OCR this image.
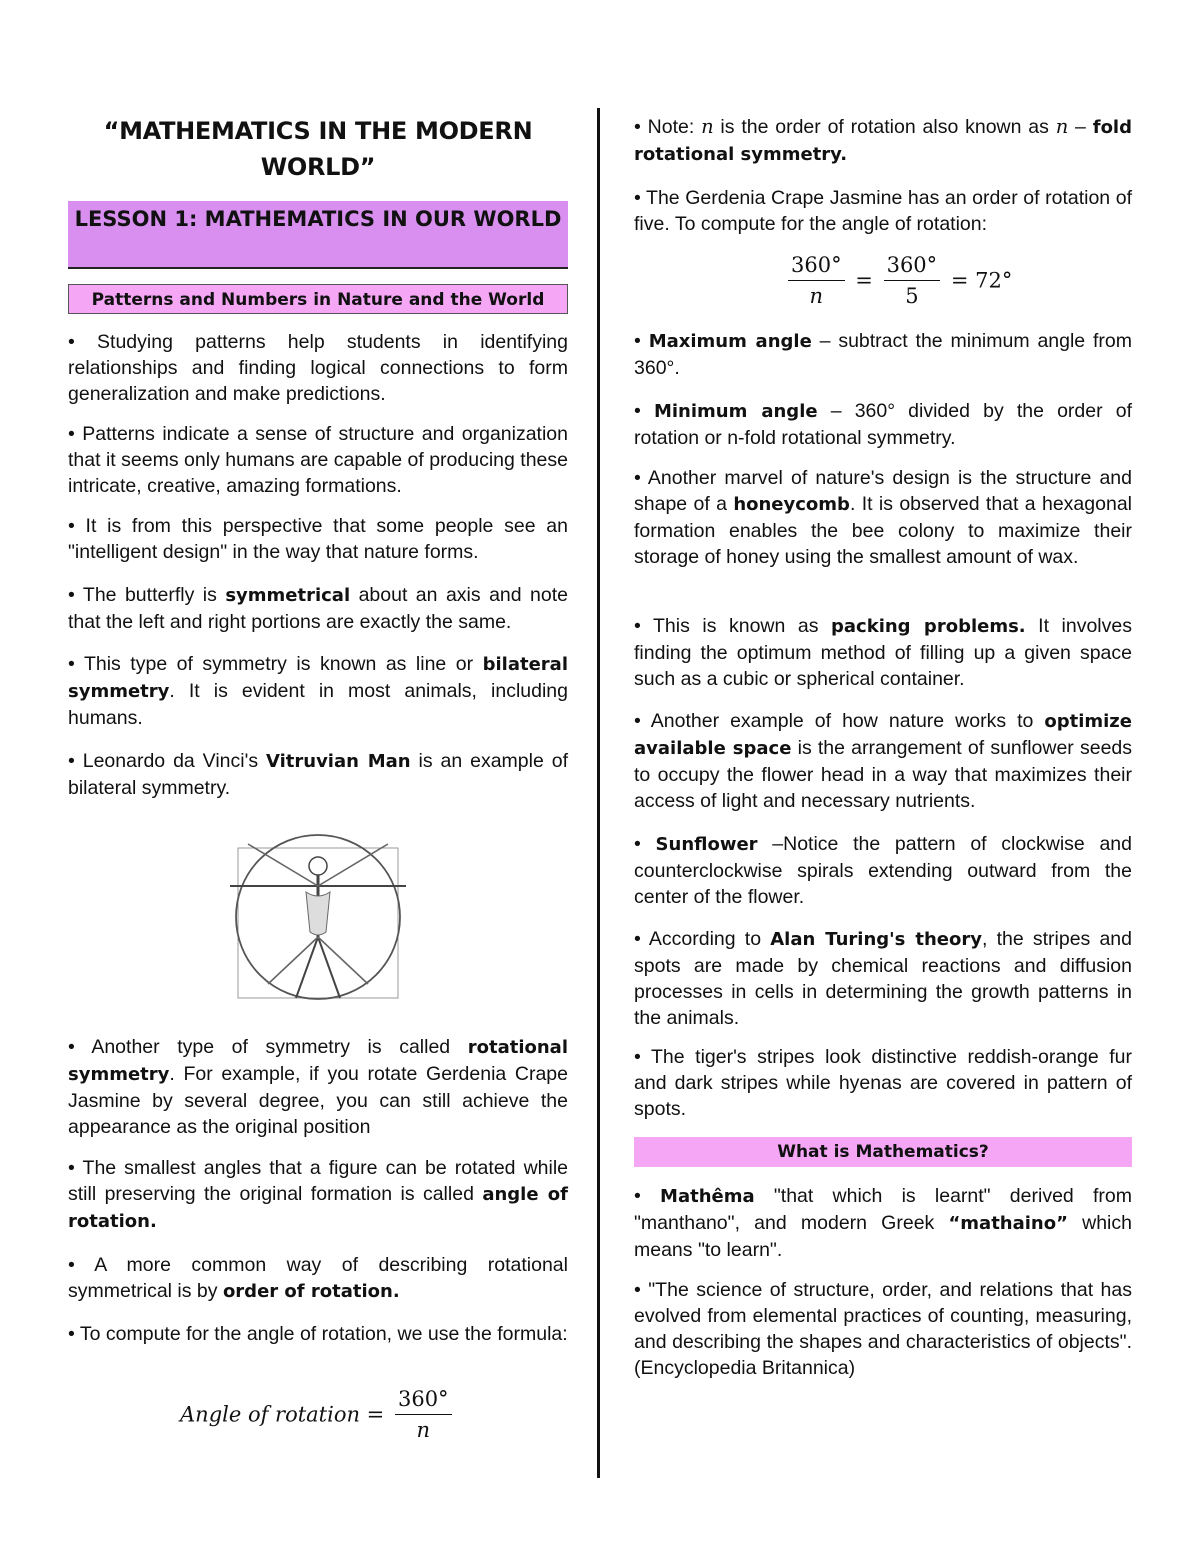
“MATHEMATICS IN THE MODERN WORLD”
LESSON 1: MATHEMATICS IN OUR WORLD
Patterns and Numbers in Nature and the World

• Studying patterns help students in identifying relationships and finding logical connections to form generalization and make predictions.

• Patterns indicate a sense of structure and organization that it seems only humans are capable of producing these intricate, creative, amazing formations.

• It is from this perspective that some people see an "intelligent design" in the way that nature forms.

• The butterfly is symmetrical about an axis and note that the left and right portions are exactly the same.

• This type of symmetry is known as line or bilateral symmetry. It is evident in most animals, including humans.

• Leonardo da Vinci's Vitruvian Man is an example of bilateral symmetry.

• Another type of symmetry is called rotational symmetry. For example, if you rotate Gerdenia Crape Jasmine by several degree, you can still achieve the appearance as the original position

• The smallest angles that a figure can be rotated while still preserving the original formation is called angle of rotation.

• A more common way of describing rotational symmetrical is by order of rotation.

• To compute for the angle of rotation, we use the formula:

Angle of rotation = $\frac{360^\circ}{n}$

• Note: n is the order of rotation also known as n – fold rotational symmetry.

• The Gerdenia Crape Jasmine has an order of rotation of five. To compute for the angle of rotation:

$\frac{360^\circ}{n} = \frac{360^\circ}{5} = 72^\circ$

• Maximum angle – subtract the minimum angle from 360°.

• Minimum angle – 360° divided by the order of rotation or n-fold rotational symmetry.

• Another marvel of nature's design is the structure and shape of a honeycomb. It is observed that a hexagonal formation enables the bee colony to maximize their storage of honey using the smallest amount of wax.

• This is known as packing problems. It involves finding the optimum method of filling up a given space such as a cubic or spherical container.

• Another example of how nature works to optimize available space is the arrangement of sunflower seeds to occupy the flower head in a way that maximizes their access of light and necessary nutrients.

• Sunflower –Notice the pattern of clockwise and counterclockwise spirals extending outward from the center of the flower.

• According to Alan Turing's theory, the stripes and spots are made by chemical reactions and diffusion processes in cells in determining the growth patterns in the animals.

• The tiger's stripes look distinctive reddish-orange fur and dark stripes while hyenas are covered in pattern of spots.

What is Mathematics?

• Mathêma "that which is learnt" derived from "manthano", and modern Greek “mathaino” which means "to learn".

• "The science of structure, order, and relations that has evolved from elemental practices of counting, measuring, and describing the shapes and characteristics of objects". (Encyclopedia Britannica)
